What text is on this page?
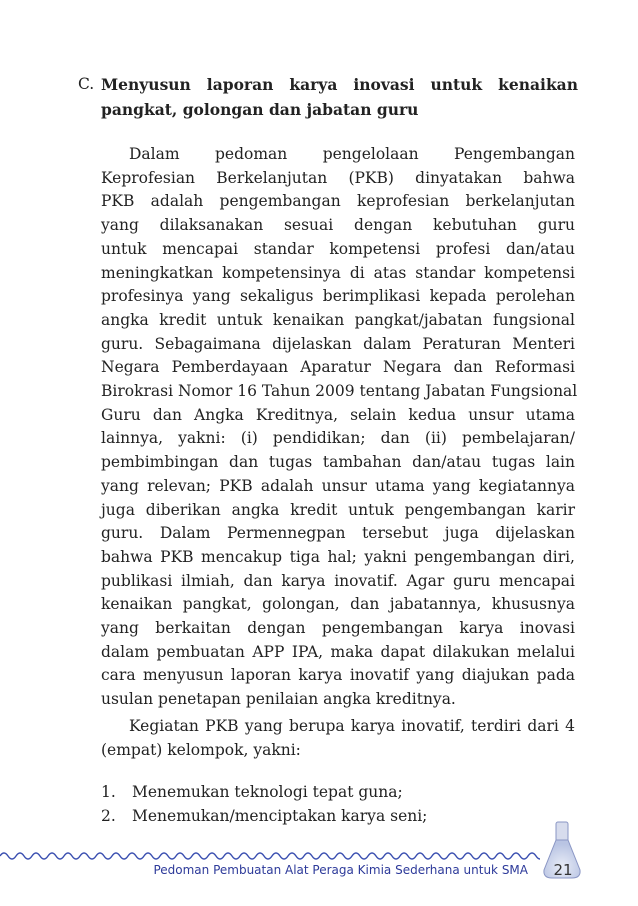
C. Menyusun laporan karya inovasi untuk kenaikan pangkat, golongan dan jabatan guru
Dalam pedoman pengelolaan Pengembangan
Keprofesian Berkelanjutan (PKB) dinyatakan bahwa
PKB adalah pengembangan keprofesian berkelanjutan
yang dilaksanakan sesuai dengan kebutuhan guru
untuk mencapai standar kompetensi profesi dan/atau
meningkatkan kompetensinya di atas standar kompetensi
profesinya yang sekaligus berimplikasi kepada perolehan
angka kredit untuk kenaikan pangkat/jabatan fungsional
guru. Sebagaimana dijelaskan dalam Peraturan Menteri
Negara Pemberdayaan Aparatur Negara dan Reformasi
Birokrasi Nomor 16 Tahun 2009 tentang Jabatan Fungsional
Guru dan Angka Kreditnya, selain kedua unsur utama
lainnya, yakni: (i) pendidikan; dan (ii) pembelajaran/
pembimbingan dan tugas tambahan dan/atau tugas lain
yang relevan; PKB adalah unsur utama yang kegiatannya
juga diberikan angka kredit untuk pengembangan karir
guru. Dalam Permennegpan tersebut juga dijelaskan
bahwa PKB mencakup tiga hal; yakni pengembangan diri,
publikasi ilmiah, dan karya inovatif. Agar guru mencapai
kenaikan pangkat, golongan, dan jabatannya, khususnya
yang berkaitan dengan pengembangan karya inovasi
dalam pembuatan APP IPA, maka dapat dilakukan melalui
cara menyusun laporan karya inovatif yang diajukan pada
usulan penetapan penilaian angka kreditnya.
Kegiatan PKB yang berupa karya inovatif, terdiri dari 4
(empat) kelompok, yakni:
1. Menemukan teknologi tepat guna;
2. Menemukan/menciptakan karya seni;
Pedoman Pembuatan Alat Peraga Kimia Sederhana untuk SMA	21
